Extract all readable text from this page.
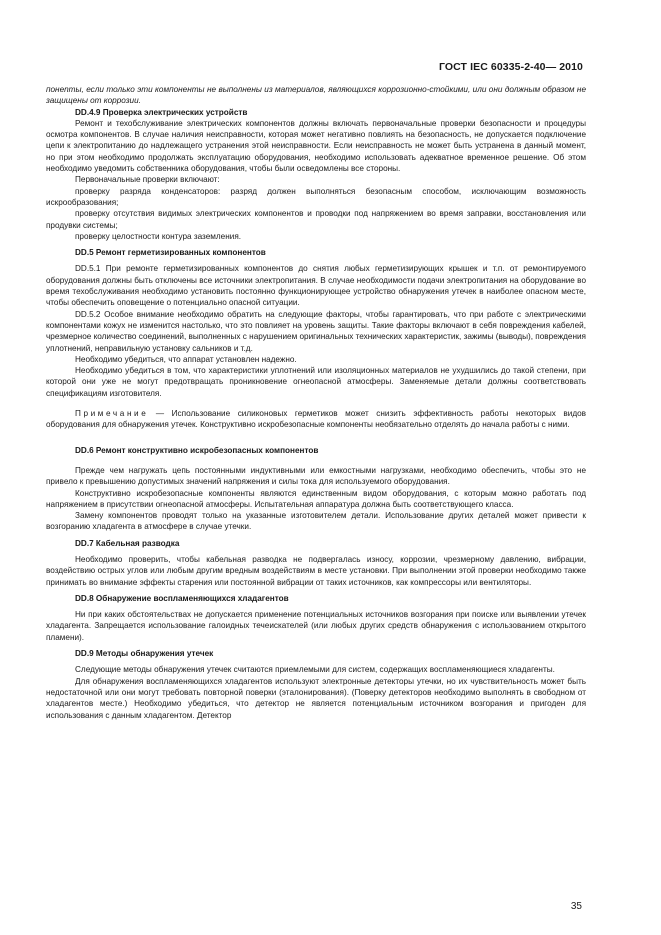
ГОСТ IEC 60335-2-40— 2010

понenты, если только эти компоненты не выполнены из материалов, являющихся коррозионно-стойкими, или они должным образом не защищены от коррозии.

DD.4.9 Проверка электрических устройств

Ремонт и техобслуживание электрических компонентов должны включать первоначальные проверки безопасности и процедуры осмотра компонентов. В случае наличия неисправности, которая может негативно повлиять на безопасность, не допускается подключение цепи к электропитанию до надлежащего устранения этой неисправности. Если неисправность не может быть устранена в данный момент, но при этом необходимо продолжать эксплуатацию оборудования, необходимо использовать адекватное временное решение. Об этом необходимо уведомить собственника оборудования, чтобы были осведомлены все стороны.

Первоначальные проверки включают:

проверку разряда конденсаторов: разряд должен выполняться безопасным способом, исключающим возможность искрообразования;

проверку отсутствия видимых электрических компонентов и проводки под напряжением во время заправки, восстановления или продувки системы;

проверку целостности контура заземления.

DD.5 Ремонт герметизированных компонентов

DD.5.1 При ремонте герметизированных компонентов до снятия любых герметизирующих крышек и т.п. от ремонтируемого оборудования должны быть отключены все источники электропитания. В случае необходимости подачи электропитания на оборудование во время техобслуживания необходимо установить постоянно функционирующее устройство обнаружения утечек в наиболее опасном месте, чтобы обеспечить оповещение о потенциально опасной ситуации.

DD.5.2 Особое внимание необходимо обратить на следующие факторы, чтобы гарантировать, что при работе с электрическими компонентами кожух не изменится настолько, что это повлияет на уровень защиты. Такие факторы включают в себя повреждения кабелей, чрезмерное количество соединений, выполненных с нарушением оригинальных технических характеристик, зажимы (выводы), повреждения уплотнений, неправильную установку сальников и т.д.

Необходимо убедиться, что аппарат установлен надежно.

Необходимо убедиться в том, что характеристики уплотнений или изоляционных материалов не ухудшились до такой степени, при которой они уже не могут предотвращать проникновение огнеопасной атмосферы. Заменяемые детали должны соответствовать спецификациям изготовителя.

Примечание — Использование силиконовых герметиков может снизить эффективность работы некоторых видов оборудования для обнаружения утечек. Конструктивно искробезопасные компоненты необязательно отделять до начала работы с ними.

DD.6 Ремонт конструктивно искробезопасных компонентов

Прежде чем нагружать цепь постоянными индуктивными или емкостными нагрузками, необходимо обеспечить, чтобы это не привело к превышению допустимых значений напряжения и силы тока для используемого оборудования.

Конструктивно искробезопасные компоненты являются единственным видом оборудования, с которым можно работать под напряжением в присутствии огнеопасной атмосферы. Испытательная аппаратура должна быть соответствующего класса.

Замену компонентов проводят только на указанные изготовителем детали. Использование других деталей может привести к возгоранию хладагента в атмосфере в случае утечки.

DD.7 Кабельная разводка

Необходимо проверить, чтобы кабельная разводка не подвергалась износу, коррозии, чрезмерному давлению, вибрации, воздействию острых углов или любым другим вредным воздействиям в месте установки. При выполнении этой проверки необходимо также принимать во внимание эффекты старения или постоянной вибрации от таких источников, как компрессоры или вентиляторы.

DD.8 Обнаружение воспламеняющихся хладагентов

Ни при каких обстоятельствах не допускается применение потенциальных источников возгорания при поиске или выявлении утечек хладагента. Запрещается использование галоидных течеискателей (или любых других средств обнаружения с использованием открытого пламени).

DD.9 Методы обнаружения утечек

Следующие методы обнаружения утечек считаются приемлемыми для систем, содержащих воспламеняющиеся хладагенты.

Для обнаружения воспламеняющихся хладагентов используют электронные детекторы утечки, но их чувствительность может быть недостаточной или они могут требовать повторной поверки (эталонирования). (Поверку детекторов необходимо выполнять в свободном от хладагентов месте.) Необходимо убедиться, что детектор не является потенциальным источником возгорания и пригоден для использования с данным хладагентом. Детектор

35
